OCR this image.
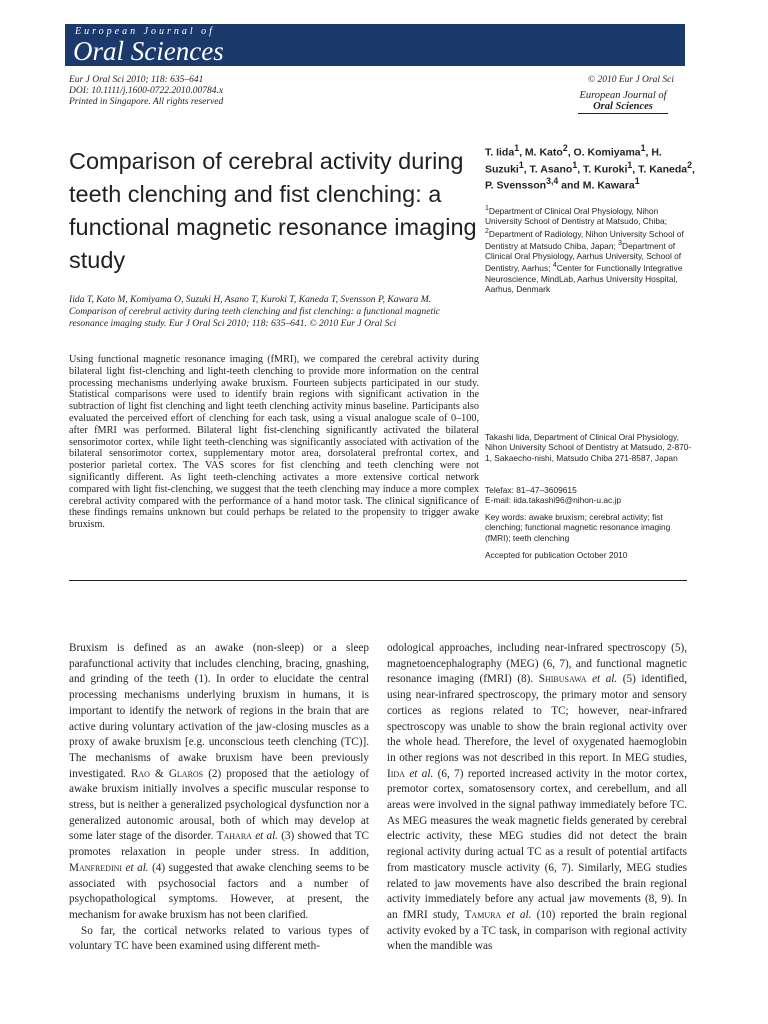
European Journal of
Oral Sciences
Eur J Oral Sci 2010; 118: 635–641
DOI: 10.1111/j.1600-0722.2010.00784.x
Printed in Singapore. All rights reserved
© 2010 Eur J Oral Sci
European Journal of
Oral Sciences
Comparison of cerebral activity during teeth clenching and fist clenching: a functional magnetic resonance imaging study
T. Iida$^1$, M. Kato$^2$, O. Komiyama$^1$, H. Suzuki$^1$, T. Asano$^1$, T. Kuroki$^1$, T. Kaneda$^2$, P. Svensson$^{3,4}$ and M. Kawara$^1$
$^1$Department of Clinical Oral Physiology, Nihon University School of Dentistry at Matsudo, Chiba; $^2$Department of Radiology, Nihon University School of Dentistry at Matsudo Chiba, Japan; $^3$Department of Clinical Oral Physiology, Aarhus University, School of Dentistry, Aarhus; $^4$Center for Functionally Integrative Neuroscience, MindLab, Aarhus University Hospital, Aarhus, Denmark
Iida T, Kato M, Komiyama O, Suzuki H, Asano T, Kuroki T, Kaneda T, Svensson P, Kawara M. Comparison of cerebral activity during teeth clenching and fist clenching: a functional magnetic resonance imaging study. Eur J Oral Sci 2010; 118: 635–641. © 2010 Eur J Oral Sci
Using functional magnetic resonance imaging (fMRI), we compared the cerebral activity during bilateral light fist-clenching and light-teeth clenching to provide more information on the central processing mechanisms underlying awake bruxism. Fourteen subjects participated in our study. Statistical comparisons were used to identify brain regions with significant activation in the subtraction of light fist clenching and light teeth clenching activity minus baseline. Participants also evaluated the perceived effort of clenching for each task, using a visual analogue scale of 0–100, after fMRI was performed. Bilateral light fist-clenching significantly activated the bilateral sensorimotor cortex, while light teeth-clenching was significantly associated with activation of the bilateral sensorimotor cortex, supplementary motor area, dorsolateral prefrontal cortex, and posterior parietal cortex. The VAS scores for fist clenching and teeth clenching were not significantly different. As light teeth-clenching activates a more extensive cortical network compared with light fist-clenching, we suggest that the teeth clenching may induce a more complex cerebral activity compared with the performance of a hand motor task. The clinical significance of these findings remains unknown but could perhaps be related to the propensity to trigger awake bruxism.
Takashi Iida, Department of Clinical Oral Physiology, Nihon University School of Dentistry at Matsudo, 2-870-1, Sakaecho-nishi, Matsudo Chiba 271-8587, Japan
Telefax: 81–47–3609615
E-mail: iida.takashi96@nihon-u.ac.jp
Key words: awake bruxism; cerebral activity; fist clenching; functional magnetic resonance imaging (fMRI); teeth clenching
Accepted for publication October 2010

Bruxism is defined as an awake (non-sleep) or a sleep parafunctional activity that includes clenching, bracing, gnashing, and grinding of the teeth (1). In order to elucidate the central processing mechanisms underlying bruxism in humans, it is important to identify the network of regions in the brain that are active during voluntary activation of the jaw-closing muscles as a proxy of awake bruxism [e.g. unconscious teeth clenching (TC)]. The mechanisms of awake bruxism have been previously investigated. Rao & Glaros (2) proposed that the aetiology of awake bruxism initially involves a specific muscular response to stress, but is neither a generalized psychological dysfunction nor a generalized autonomic arousal, both of which may develop at some later stage of the disorder. Tahara et al. (3) showed that TC promotes relaxation in people under stress. In addition, Manfredini et al. (4) suggested that awake clenching seems to be associated with psychosocial factors and a number of psychopathological symptoms. However, at present, the mechanism for awake bruxism has not been clarified.

So far, the cortical networks related to various types of voluntary TC have been examined using different meth-

odological approaches, including near-infrared spectroscopy (5), magnetoencephalography (MEG) (6, 7), and functional magnetic resonance imaging (fMRI) (8). Shibusawa et al. (5) identified, using near-infrared spectroscopy, the primary motor and sensory cortices as regions related to TC; however, near-infrared spectroscopy was unable to show the brain regional activity over the whole head. Therefore, the level of oxygenated haemoglobin in other regions was not described in this report. In MEG studies, Iida et al. (6, 7) reported increased activity in the motor cortex, premotor cortex, somatosensory cortex, and cerebellum, and all areas were involved in the signal pathway immediately before TC. As MEG measures the weak magnetic fields generated by cerebral electric activity, these MEG studies did not detect the brain regional activity during actual TC as a result of potential artifacts from masticatory muscle activity (6, 7). Similarly, MEG studies related to jaw movements have also described the brain regional activity immediately before any actual jaw movements (8, 9). In an fMRI study, Tamura et al. (10) reported the brain regional activity evoked by a TC task, in comparison with regional activity when the mandible was
